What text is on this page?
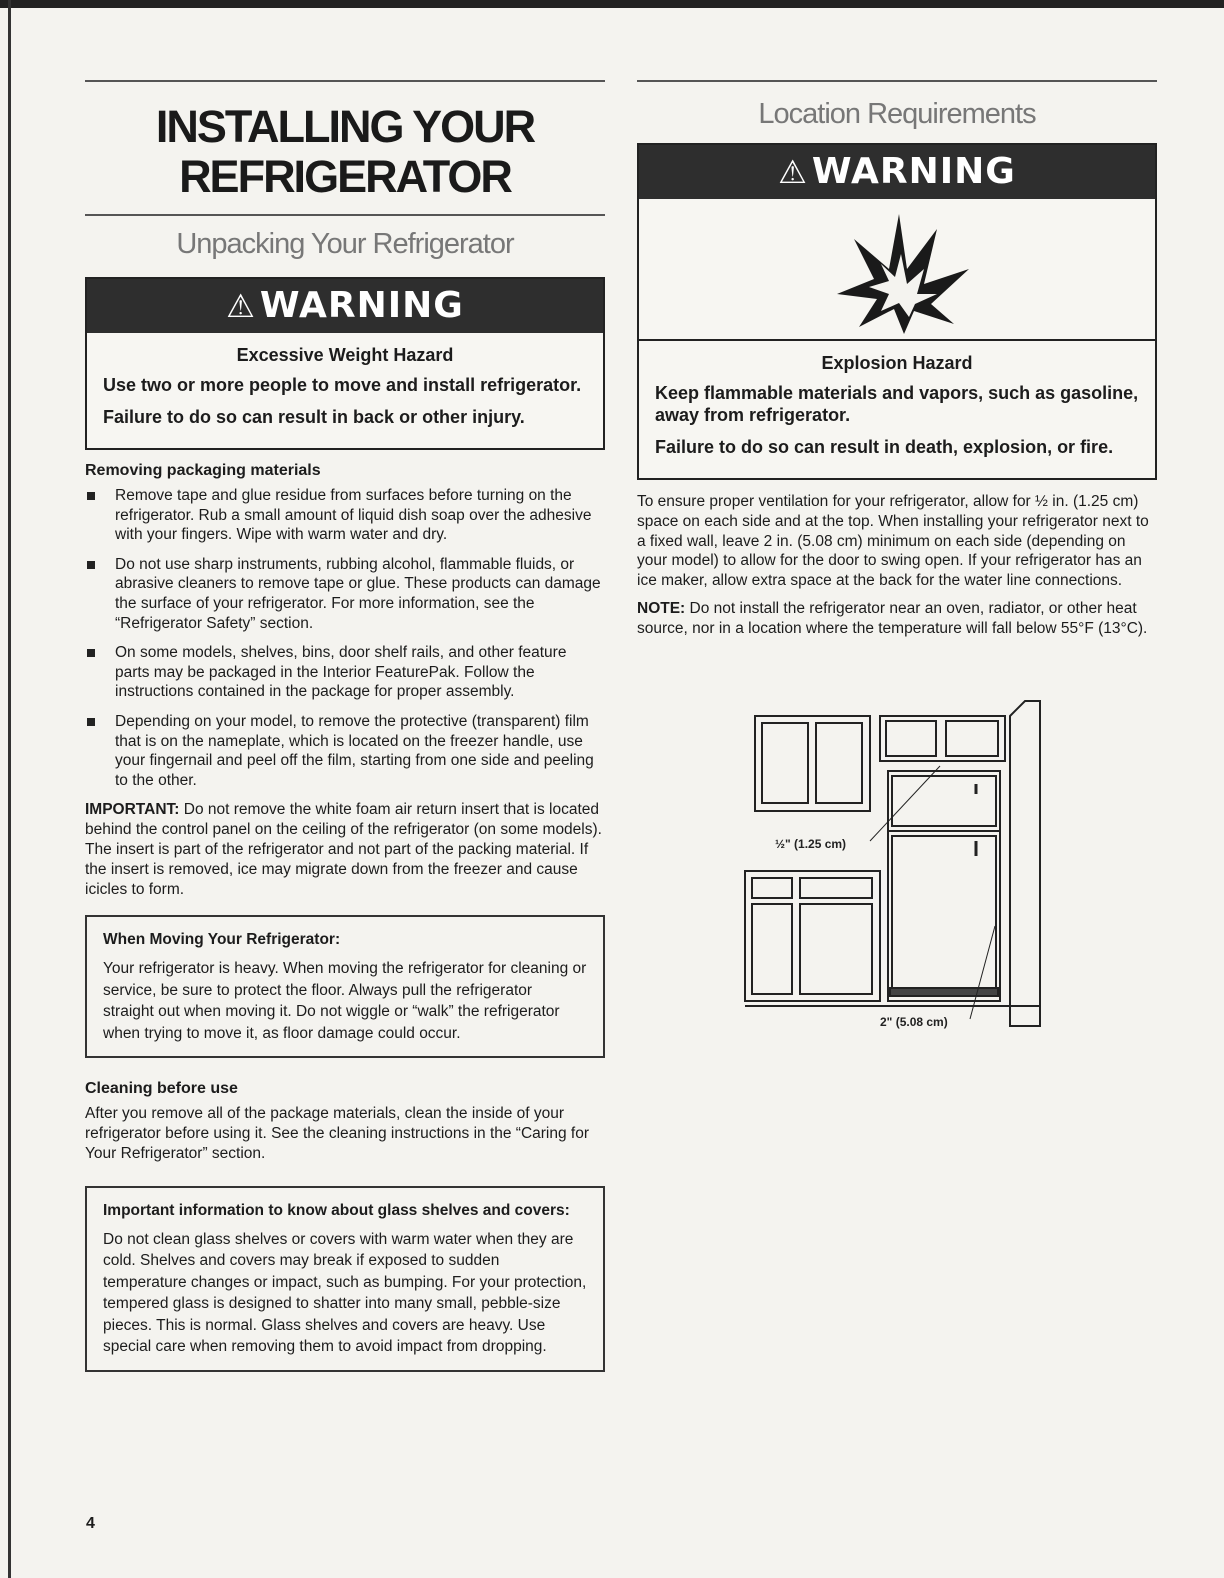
INSTALLING YOUR
REFRIGERATOR
Unpacking Your Refrigerator
⚠ WARNING
Excessive Weight Hazard
Use two or more people to move and install refrigerator.
Failure to do so can result in back or other injury.
Removing packaging materials
Remove tape and glue residue from surfaces before turning on the refrigerator. Rub a small amount of liquid dish soap over the adhesive with your fingers. Wipe with warm water and dry.
Do not use sharp instruments, rubbing alcohol, flammable fluids, or abrasive cleaners to remove tape or glue. These products can damage the surface of your refrigerator. For more information, see the “Refrigerator Safety” section.
On some models, shelves, bins, door shelf rails, and other feature parts may be packaged in the Interior FeaturePak. Follow the instructions contained in the package for proper assembly.
Depending on your model, to remove the protective (transparent) film that is on the nameplate, which is located on the freezer handle, use your fingernail and peel off the film, starting from one side and peeling to the other.
IMPORTANT: Do not remove the white foam air return insert that is located behind the control panel on the ceiling of the refrigerator (on some models). The insert is part of the refrigerator and not part of the packing material. If the insert is removed, ice may migrate down from the freezer and cause icicles to form.
When Moving Your Refrigerator:
Your refrigerator is heavy. When moving the refrigerator for cleaning or service, be sure to protect the floor. Always pull the refrigerator straight out when moving it. Do not wiggle or “walk” the refrigerator when trying to move it, as floor damage could occur.
Cleaning before use
After you remove all of the package materials, clean the inside of your refrigerator before using it. See the cleaning instructions in the “Caring for Your Refrigerator” section.
Important information to know about glass shelves and covers:
Do not clean glass shelves or covers with warm water when they are cold. Shelves and covers may break if exposed to sudden temperature changes or impact, such as bumping. For your protection, tempered glass is designed to shatter into many small, pebble-size pieces. This is normal. Glass shelves and covers are heavy. Use special care when removing them to avoid impact from dropping.
Location Requirements
⚠ WARNING
Explosion Hazard
Keep flammable materials and vapors, such as gasoline, away from refrigerator.
Failure to do so can result in death, explosion, or fire.
To ensure proper ventilation for your refrigerator, allow for ½ in. (1.25 cm) space on each side and at the top. When installing your refrigerator next to a fixed wall, leave 2 in. (5.08 cm) minimum on each side (depending on your model) to allow for the door to swing open. If your refrigerator has an ice maker, allow extra space at the back for the water line connections.
NOTE: Do not install the refrigerator near an oven, radiator, or other heat source, nor in a location where the temperature will fall below 55°F (13°C).
½" (1.25 cm)
2" (5.08 cm)
4
